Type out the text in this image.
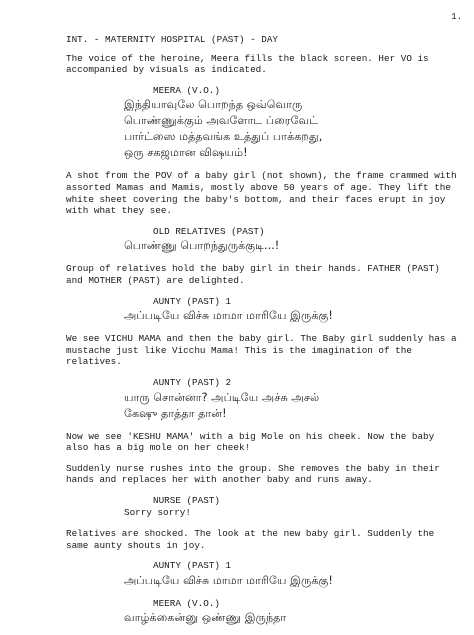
1.
INT. - MATERNITY HOSPITAL (PAST) - DAY
The voice of the heroine, Meera fills the black screen. Her VO is accompanied by visuals as indicated.
MEERA (V.O.)
இந்தியாவுலே பொறந்த ஒவ்வொரு
பொண்ணுக்கும் அவளோட ப்ரைவேட்
பார்ட்ஸை மத்தவங்க உத்துப் பாக்கறது,
ஒரு சகஜமான விஷயம்!
A shot from the POV of a baby girl (not shown), the frame crammed with assorted Mamas and Mamis, mostly above 50 years of age. They lift the white sheet covering the baby's bottom, and their faces erupt in joy with what they see.
OLD RELATIVES (PAST)
பொண்ணு பொறந்துருக்குடி...!
Group of relatives hold the baby girl in their hands. FATHER (PAST) and MOTHER (PAST) are delighted.
AUNTY (PAST) 1
அப்படியே விச்சு மாமா மாரியே இருக்கு!
We see VICHU MAMA and then the baby girl. The Baby girl suddenly has a mustache just like Vicchu Mama! This is the imagination of the relatives.
AUNTY (PAST) 2
யாரு சொன்னா? அப்டியே அச்சு அசல்
கேஷு தாத்தா தான்!
Now we see 'KESHU MAMA' with a big Mole on his cheek. Now the baby also has a big mole on her cheek!
Suddenly nurse rushes into the group. She removes the baby in their hands and replaces her with another baby and runs away.
NURSE (PAST)
Sorry sorry!
Relatives are shocked. The look at the new baby girl. Suddenly the same aunty shouts in joy.
AUNTY (PAST) 1
அப்படியே விச்சு மாமா மாரியே இருக்கு!
MEERA (V.O.)
வாழ்க்கைன்னு ஒண்ணு இருந்தா
